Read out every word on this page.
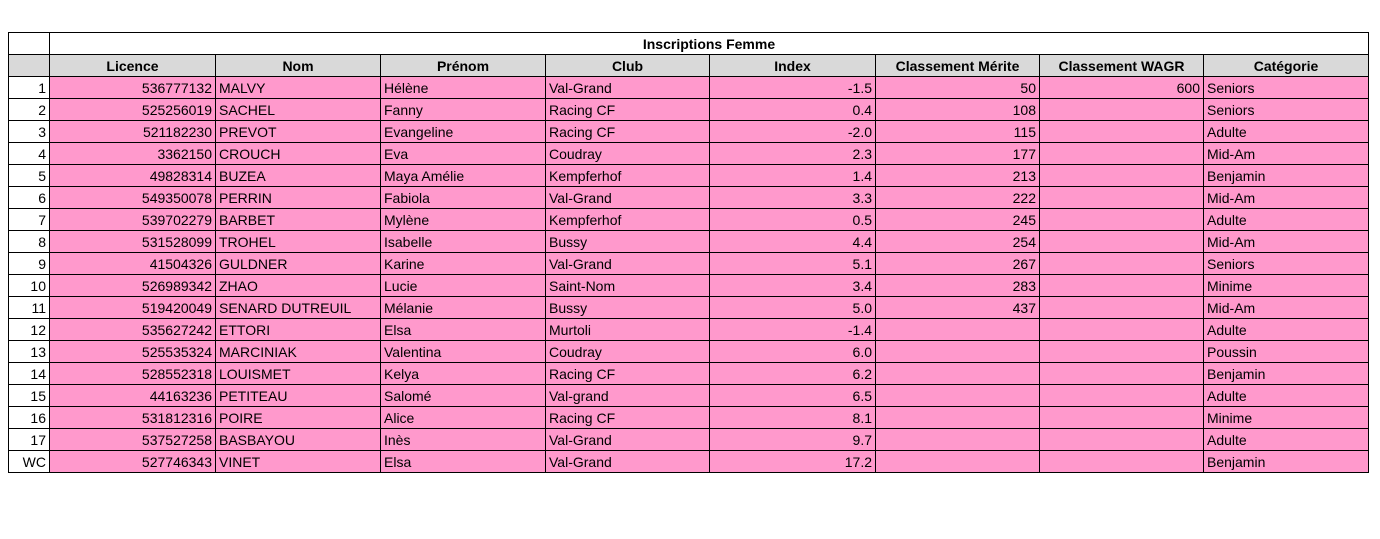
	Inscriptions Femme							
	Licence	Nom	Prénom	Club	Index	Classement Mérite	Classement WAGR	Catégorie
1	536777132	MALVY	Hélène	Val-Grand	-1.5	50	600	Seniors
2	525256019	SACHEL	Fanny	Racing CF	0.4	108		Seniors
3	521182230	PREVOT	Evangeline	Racing CF	-2.0	115		Adulte
4	3362150	CROUCH	Eva	Coudray	2.3	177		Mid-Am
5	49828314	BUZEA	Maya Amélie	Kempferhof	1.4	213		Benjamin
6	549350078	PERRIN	Fabiola	Val-Grand	3.3	222		Mid-Am
7	539702279	BARBET	Mylène	Kempferhof	0.5	245		Adulte
8	531528099	TROHEL	Isabelle	Bussy	4.4	254		Mid-Am
9	41504326	GULDNER	Karine	Val-Grand	5.1	267		Seniors
10	526989342	ZHAO	Lucie	Saint-Nom	3.4	283		Minime
11	519420049	SENARD DUTREUIL	Mélanie	Bussy	5.0	437		Mid-Am
12	535627242	ETTORI	Elsa	Murtoli	-1.4			Adulte
13	525535324	MARCINIAK	Valentina	Coudray	6.0			Poussin
14	528552318	LOUISMET	Kelya	Racing CF	6.2			Benjamin
15	44163236	PETITEAU	Salomé	Val-grand	6.5			Adulte
16	531812316	POIRE	Alice	Racing CF	8.1			Minime
17	537527258	BASBAYOU	Inès	Val-Grand	9.7			Adulte
WC	527746343	VINET	Elsa	Val-Grand	17.2			Benjamin
